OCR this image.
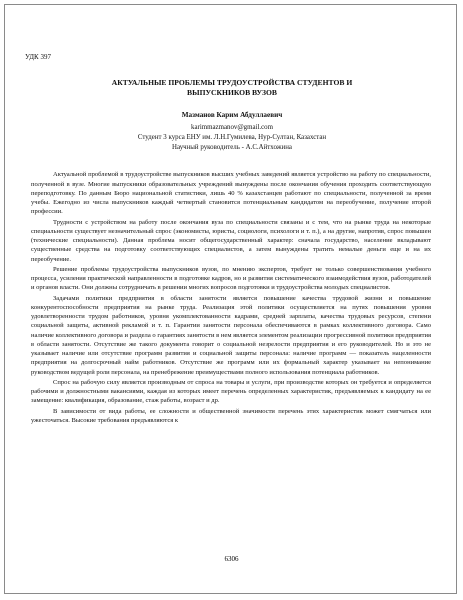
УДК 397
АКТУАЛЬНЫЕ ПРОБЛЕМЫ ТРУДОУСТРОЙСТВА СТУДЕНТОВ И ВЫПУСКНИКОВ ВУЗОВ
Мазманов Карим Абдуллаевич
karimmazmanov@gmail.com
Студент 3 курса ЕНУ им. Л.Н.Гумилева, Нур-Султан, Казахстан
Научный руководитель - А.С.Айтхожина

Актуальной проблемой в трудоустройстве выпускников высших учебных заведений является устройство на работу по специальности, полученной в вузе. Многие выпускники образовательных учреждений вынуждены после окончания обучения проходить соответствующую переподготовку. По данным Бюро национальной статистики, лишь 40 % казахстанцев работают по специальности, полученной за время учебы. Ежегодно из числа выпускников каждый четвертый становится потенциальным кандидатом на переобучение, получение второй профессии.

Трудности с устройством на работу после окончания вуза по специальности связаны и с тем, что на рынке труда на некоторые специальности существует незначительный спрос (экономисты, юристы, социологи, психологи и т. п.), а на другие, напротив, спрос повышен (технические специальности). Данная проблема носит общегосударственный характер: сначала государство, население вкладывают существенные средства на подготовку соответствующих специалистов, а затем вынуждены тратить немалые деньги еще и на их переобучение.

Решение проблемы трудоустройства выпускников вузов, по мнению экспертов, требует не только совершенствования учебного процесса, усиления практической направленности в подготовке кадров, но и развития систематического взаимодействия вузов, работодателей и органов власти. Они должны сотрудничать в решении многих вопросов подготовки и трудоустройства молодых специалистов.

Задачами политики предприятия в области занятости является повышение качества трудовой жизни и повышение конкурентоспособности предприятия на рынке труда. Реализация этой политики осуществляется на путях повышения уровня удовлетворенности трудом работников, уровня укомплектованности кадрами, средней зарплаты, качества трудовых ресурсов, степени социальной защиты, активной рекламой и т. п. Гарантии занятости персонала обеспечиваются в рамках коллективного договора. Само наличие коллективного договора и раздела о гарантиях занятости в нем является элементом реализации прогрессивной политики предприятия в области занятости. Отсутствие же такого документа говорит о социальной незрелости предприятия и его руководителей. Но и это не указывает наличие или отсутствие программ развития и социальной защиты персонала: наличие программ — показатель нацеленности предприятия на долгосрочный найм работников. Отсутствие же программ или их формальный характер указывает на непонимание руководством ведущей роли персонала, на пренебрежение преимуществами полного использования потенциала работников.

Спрос на рабочую силу является производным от спроса на товары и услуги, при производстве которых он требуется и определяется рабочими и должностными вакансиями, каждая из которых имеет перечень определенных характеристик, предъявляемых к кандидату на ее замещение: квалификация, образование, стаж работы, возраст и др.

В зависимости от вида работы, ее сложности и общественной значимости перечень этих характеристик может смягчаться или ужесточаться. Высокие требования предъявляются к

6306
